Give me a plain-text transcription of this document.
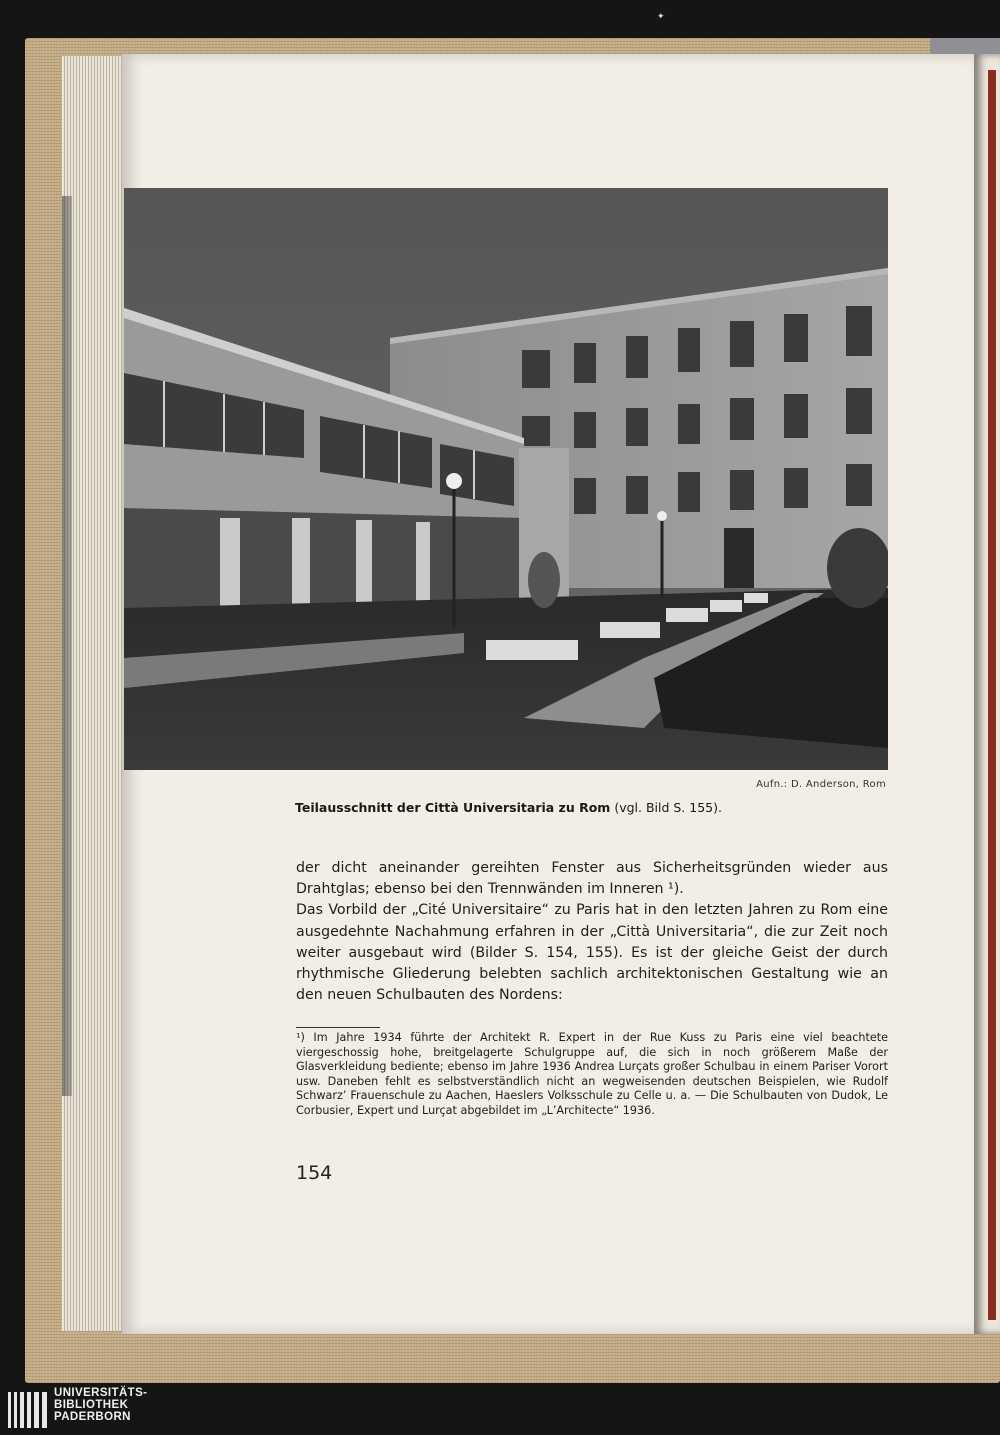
✦
Aufn.: D. Anderson, Rom
Teilausschnitt der Città Universitaria zu Rom (vgl. Bild S. 155).

der dicht aneinander gereihten Fenster aus Sicherheitsgründen wieder aus Drahtglas; ebenso bei den Trennwänden im Inneren ¹).

Das Vorbild der „Cité Universitaire“ zu Paris hat in den letzten Jahren zu Rom eine ausgedehnte Nachahmung erfahren in der „Città Universitaria“, die zur Zeit noch weiter ausgebaut wird (Bilder S. 154, 155). Es ist der gleiche Geist der durch rhythmische Gliederung belebten sachlich architektonischen Gestaltung wie an den neuen Schulbauten des Nordens:

¹) Im Jahre 1934 führte der Architekt R. Expert in der Rue Kuss zu Paris eine viel beachtete viergeschossig hohe, breitgelagerte Schulgruppe auf, die sich in noch größerem Maße der Glasverkleidung bediente; ebenso im Jahre 1936 Andrea Lurçats großer Schulbau in einem Pariser Vorort usw. Daneben fehlt es selbstverständlich nicht an wegweisenden deutschen Beispielen, wie Rudolf Schwarz’ Frauenschule zu Aachen, Haeslers Volksschule zu Celle u. a. — Die Schulbauten von Dudok, Le Corbusier, Expert und Lurçat abgebildet im „L’Architecte“ 1936.
154
UNIVERSITÄTS-
BIBLIOTHEK
PADERBORN
